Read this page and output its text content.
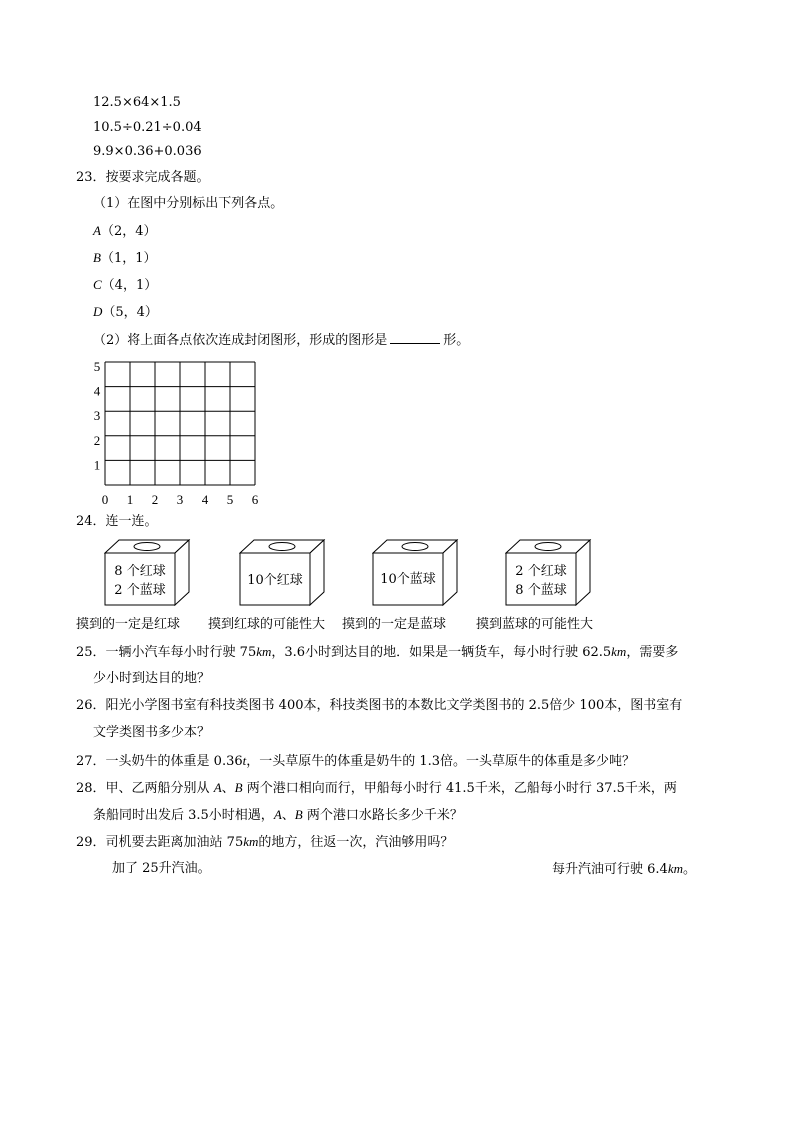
12.5×64×1.5
10.5÷0.21÷0.04
9.9×0.36+0.036
23．按要求完成各题。
（1）在图中分别标出下列各点。
A（2，4）
B（1，1）
C（4，1）
D（5，4）
（2）将上面各点依次连成封闭图形，形成的图形是	形。
0 1 2 3 4 5 6
1
2
3
4
5
24．连一连。
8 个红球
2 个蓝球
10个红球	10个蓝球
2 个红球
8 个蓝球
摸到的一定是红球 摸到红球的可能性大 摸到的一定是蓝球 摸到蓝球的可能性大
25．一辆小汽车每小时行驶 75km，3.6小时到达目的地．如果是一辆货车，每小时行驶 62.5km，需要多
少小时到达目的地？
26．阳光小学图书室有科技类图书 400本，科技类图书的本数比文学类图书的 2.5倍少 100本，图书室有
文学类图书多少本？
27．一头奶牛的体重是 0.36t，一头草原牛的体重是奶牛的 1.3倍。一头草原牛的体重是多少吨？
28．甲、乙两船分别从 A、B 两个港口相向而行，甲船每小时行 41.5千米，乙船每小时行 37.5千米，两
条船同时出发后 3.5小时相遇，A、B 两个港口水路长多少千米？
29．司机要去距离加油站 75km的地方，往返一次，汽油够用吗？
加了 25升汽油。	每升汽油可行驶 6.4km。
